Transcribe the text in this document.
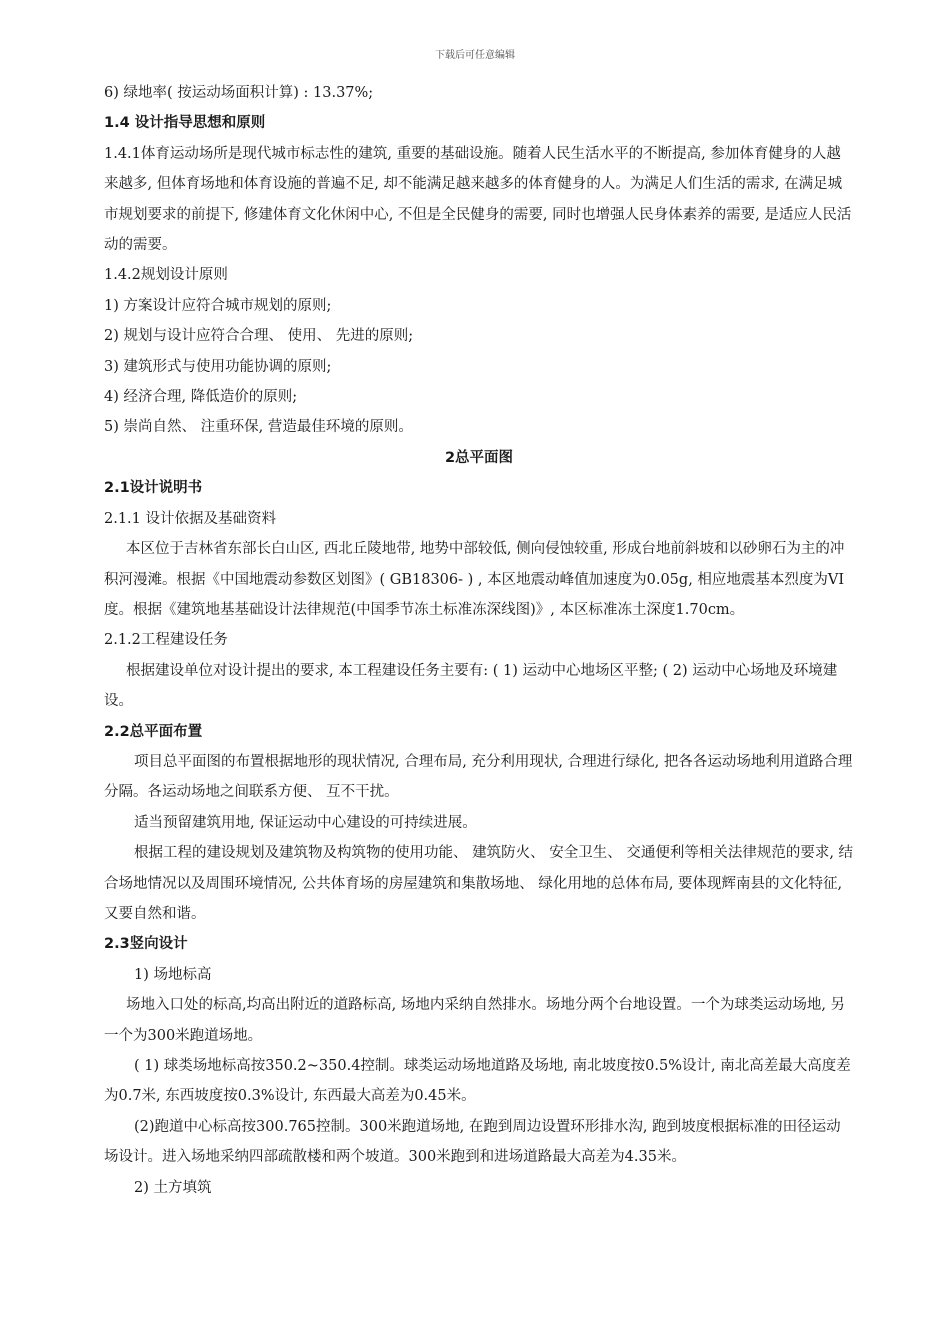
下载后可任意编辑

6) 绿地率( 按运动场面积计算) : 13.37%;

1.4 设计指导思想和原则

1.4.1体育运动场所是现代城市标志性的建筑, 重要的基础设施。随着人民生活水平的不断提高, 参加体育健身的人越来越多, 但体育场地和体育设施的普遍不足, 却不能满足越来越多的体育健身的人。为满足人们生活的需求, 在满足城市规划要求的前提下, 修建体育文化休闲中心, 不但是全民健身的需要, 同时也增强人民身体素养的需要, 是适应人民活动的需要。

1.4.2规划设计原则

1) 方案设计应符合城市规划的原则;

2) 规划与设计应符合合理、 使用、 先进的原则;

3) 建筑形式与使用功能协调的原则;

4) 经济合理, 降低造价的原则;

5) 崇尚自然、 注重环保, 营造最佳环境的原则。

2总平面图

2.1设计说明书

2.1.1 设计依据及基础资料

本区位于吉林省东部长白山区, 西北丘陵地带, 地势中部较低, 侧向侵蚀较重, 形成台地前斜坡和以砂卵石为主的冲积河漫滩。根据《中国地震动参数区划图》( GB18306- ) , 本区地震动峰值加速度为0.05g, 相应地震基本烈度为VI度。根据《建筑地基基础设计法律规范(中国季节冻土标准冻深线图)》, 本区标准冻土深度1.70cm。

2.1.2工程建设任务

根据建设单位对设计提出的要求, 本工程建设任务主要有: ( 1) 运动中心地场区平整; ( 2) 运动中心场地及环境建设。

2.2总平面布置

项目总平面图的布置根据地形的现状情况, 合理布局, 充分利用现状, 合理进行绿化, 把各各运动场地利用道路合理分隔。各运动场地之间联系方便、 互不干扰。

适当预留建筑用地, 保证运动中心建设的可持续进展。

根据工程的建设规划及建筑物及构筑物的使用功能、 建筑防火、 安全卫生、 交通便利等相关法律规范的要求, 结合场地情况以及周围环境情况, 公共体育场的房屋建筑和集散场地、 绿化用地的总体布局, 要体现辉南县的文化特征, 又要自然和谐。

2.3竖向设计

1) 场地标高

场地入口处的标高,均高出附近的道路标高, 场地内采纳自然排水。场地分两个台地设置。一个为球类运动场地, 另一个为300米跑道场地。

( 1) 球类场地标高按350.2~350.4控制。球类运动场地道路及场地, 南北坡度按0.5%设计, 南北高差最大高度差为0.7米, 东西坡度按0.3%设计, 东西最大高差为0.45米。

(2)跑道中心标高按300.765控制。300米跑道场地, 在跑到周边设置环形排水沟, 跑到坡度根据标准的田径运动场设计。进入场地采纳四部疏散楼和两个坡道。300米跑到和进场道路最大高差为4.35米。

2) 土方填筑
